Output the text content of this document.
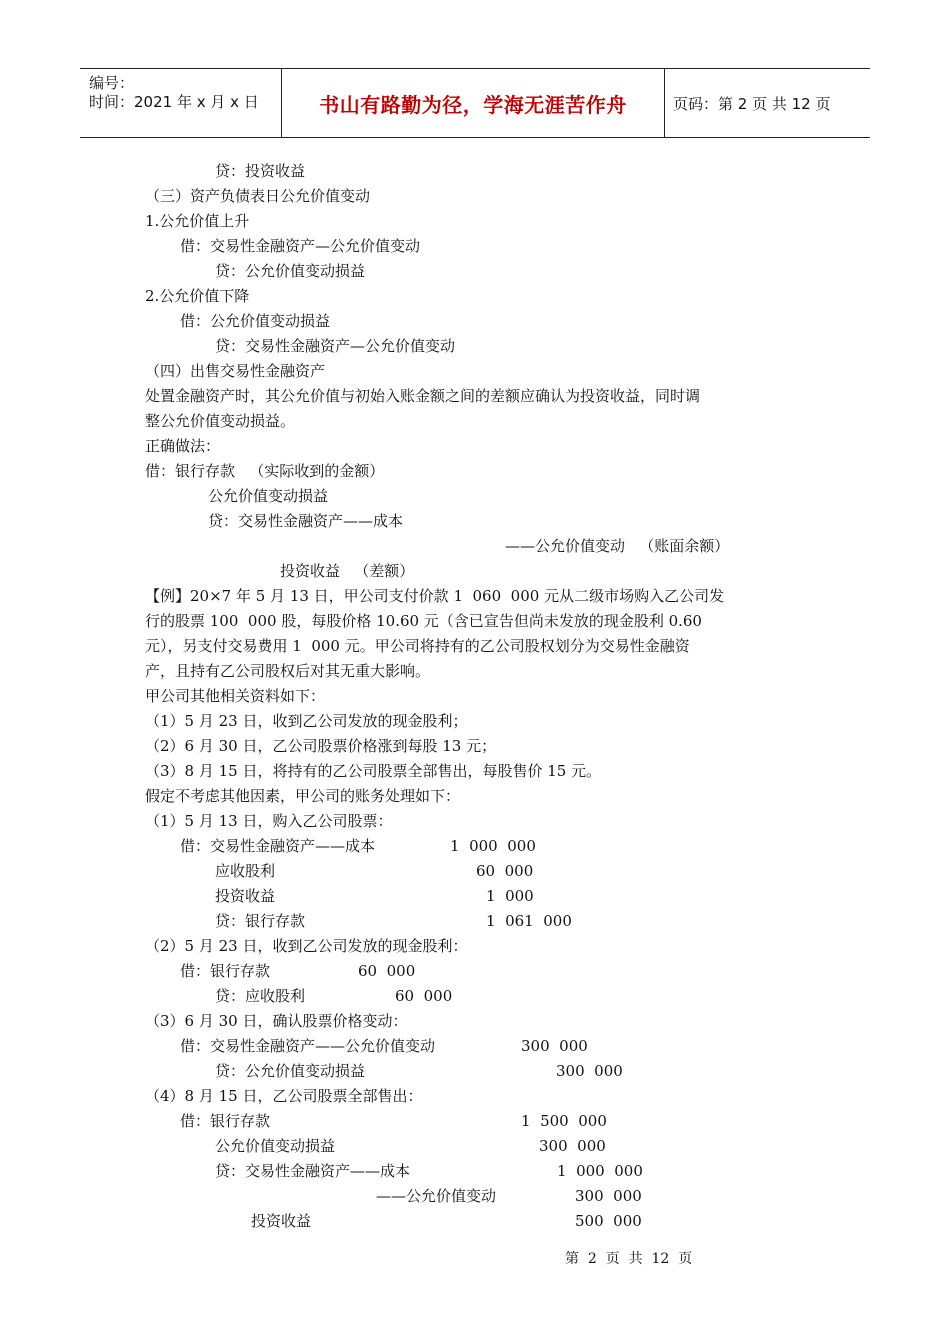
编号：
时间：2021 年 x 月 x 日	书山有路勤为径，学海无涯苦作舟	页码：第 2 页 共 12 页
贷：投资收益
（三）资产负债表日公允价值变动
1.公允价值上升
借：交易性金融资产—公允价值变动
贷：公允价值变动损益
2.公允价值下降
借：公允价值变动损益
贷：交易性金融资产—公允价值变动
（四）出售交易性金融资产
处置金融资产时，其公允价值与初始入账金额之间的差额应确认为投资收益，同时调
整公允价值变动损益。
正确做法：
借：银行存款   （实际收到的金额）
公允价值变动损益
贷：交易性金融资产——成本
——公允价值变动   （账面余额）
投资收益   （差额）
【例】20×7 年 5 月 13 日，甲公司支付价款 1  060  000 元从二级市场购入乙公司发
行的股票 100  000 股，每股价格 10.60 元（含已宣告但尚未发放的现金股利 0.60
元），另支付交易费用 1  000 元。甲公司将持有的乙公司股权划分为交易性金融资
产，且持有乙公司股权后对其无重大影响。
甲公司其他相关资料如下：
（1）5 月 23 日，收到乙公司发放的现金股利；
（2）6 月 30 日，乙公司股票价格涨到每股 13 元；
（3）8 月 15 日，将持有的乙公司股票全部售出，每股售价 15 元。
假定不考虑其他因素，甲公司的账务处理如下：
（1）5 月 13 日，购入乙公司股票：
借：交易性金融资产——成本	1  000  000
应收股利	60  000
投资收益	1  000
贷：银行存款	1  061  000
（2）5 月 23 日，收到乙公司发放的现金股利：
借：银行存款	60  000
贷：应收股利	60  000
（3）6 月 30 日，确认股票价格变动：
借：交易性金融资产——公允价值变动	300  000
贷：公允价值变动损益	300  000
（4）8 月 15 日，乙公司股票全部售出：
借：银行存款	1  500  000
公允价值变动损益	300  000
贷：交易性金融资产——成本	1  000  000
——公允价值变动	300  000
投资收益	500  000
第  2  页  共  12  页
